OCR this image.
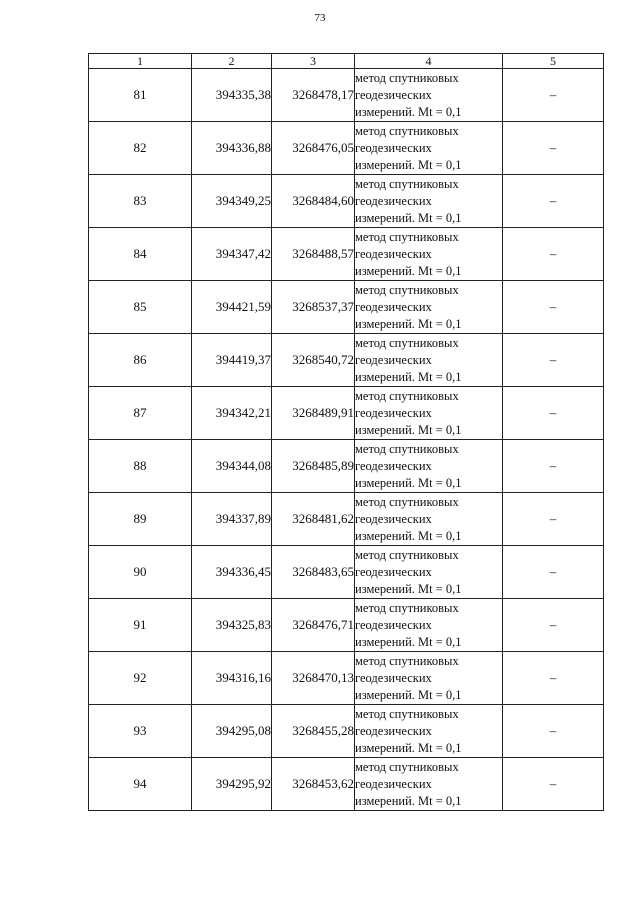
73
1	2	3	4	5
81	394335,38	3268478,17	метод спутниковых
геодезических
измерений. Mt = 0,1	–
82	394336,88	3268476,05	метод спутниковых
геодезических
измерений. Mt = 0,1	–
83	394349,25	3268484,60	метод спутниковых
геодезических
измерений. Mt = 0,1	–
84	394347,42	3268488,57	метод спутниковых
геодезических
измерений. Mt = 0,1	–
85	394421,59	3268537,37	метод спутниковых
геодезических
измерений. Mt = 0,1	–
86	394419,37	3268540,72	метод спутниковых
геодезических
измерений. Mt = 0,1	–
87	394342,21	3268489,91	метод спутниковых
геодезических
измерений. Mt = 0,1	–
88	394344,08	3268485,89	метод спутниковых
геодезических
измерений. Mt = 0,1	–
89	394337,89	3268481,62	метод спутниковых
геодезических
измерений. Mt = 0,1	–
90	394336,45	3268483,65	метод спутниковых
геодезических
измерений. Mt = 0,1	–
91	394325,83	3268476,71	метод спутниковых
геодезических
измерений. Mt = 0,1	–
92	394316,16	3268470,13	метод спутниковых
геодезических
измерений. Mt = 0,1	–
93	394295,08	3268455,28	метод спутниковых
геодезических
измерений. Mt = 0,1	–
94	394295,92	3268453,62	метод спутниковых
геодезических
измерений. Mt = 0,1	–
